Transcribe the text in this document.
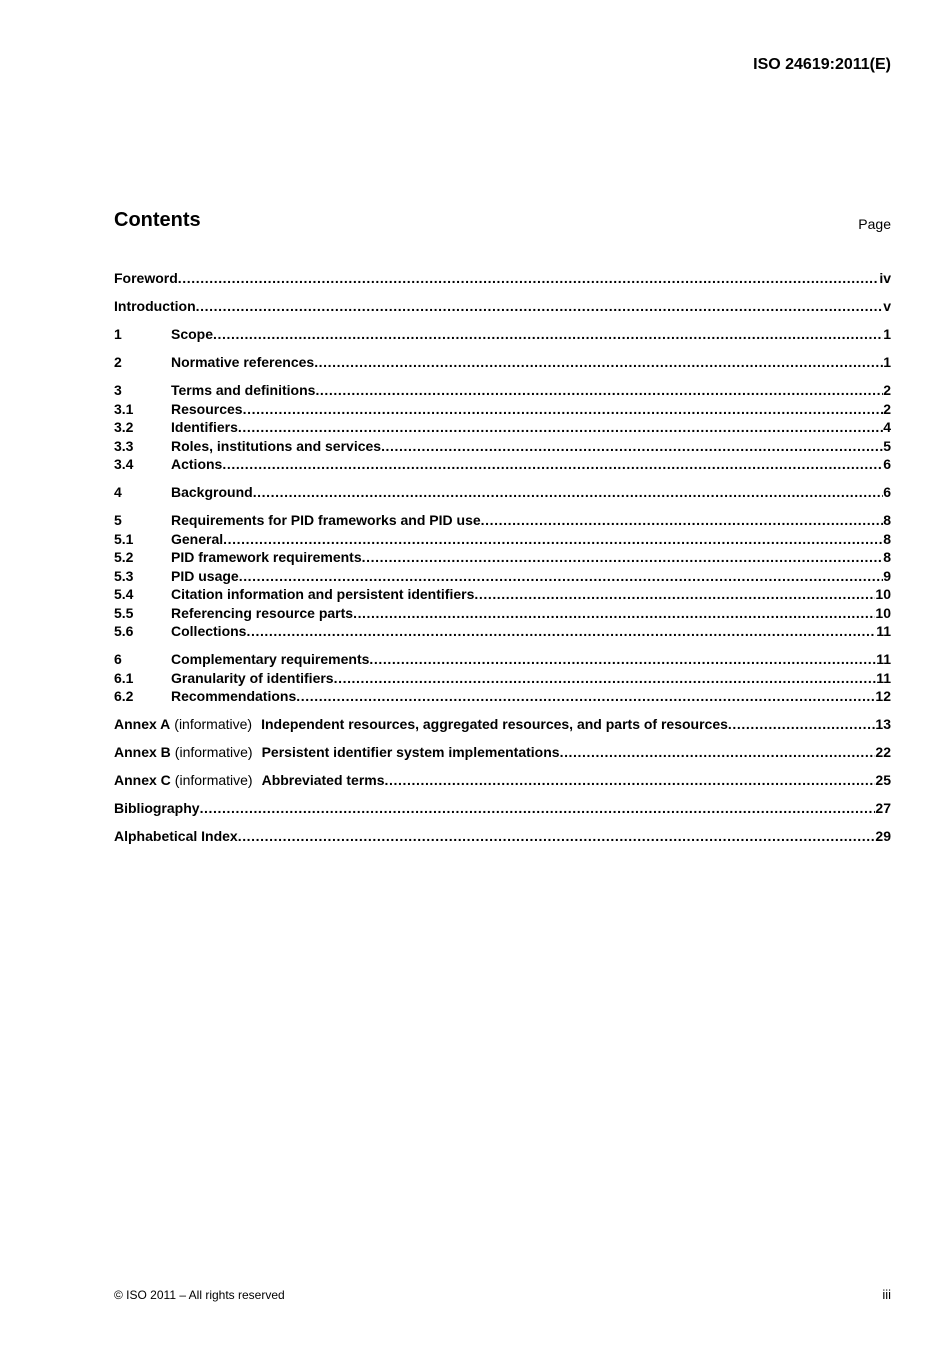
ISO 24619:2011(E)
Contents	Page
Foreword .....	iv
Introduction .....	v
1	Scope .....	1
2	Normative references .....	1
3	Terms and definitions .....	2
3.1	Resources .....	2
3.2	Identifiers .....	4
3.3	Roles, institutions and services .....	5
3.4	Actions .....	6
4	Background .....	6
5	Requirements for PID frameworks and PID use .....	8
5.1	General .....	8
5.2	PID framework requirements .....	8
5.3	PID usage .....	9
5.4	Citation information and persistent identifiers .....	10
5.5	Referencing resource parts .....	10
5.6	Collections .....	11
6	Complementary requirements .....	11
6.1	Granularity of identifiers .....	11
6.2	Recommendations .....	12
Annex A (informative) Independent resources, aggregated resources, and parts of resources .....	13
Annex B (informative) Persistent identifier system implementations .....	22
Annex C (informative) Abbreviated terms .....	25
Bibliography .....	27
Alphabetical Index .....	29
© ISO 2011 – All rights reserved	iii
